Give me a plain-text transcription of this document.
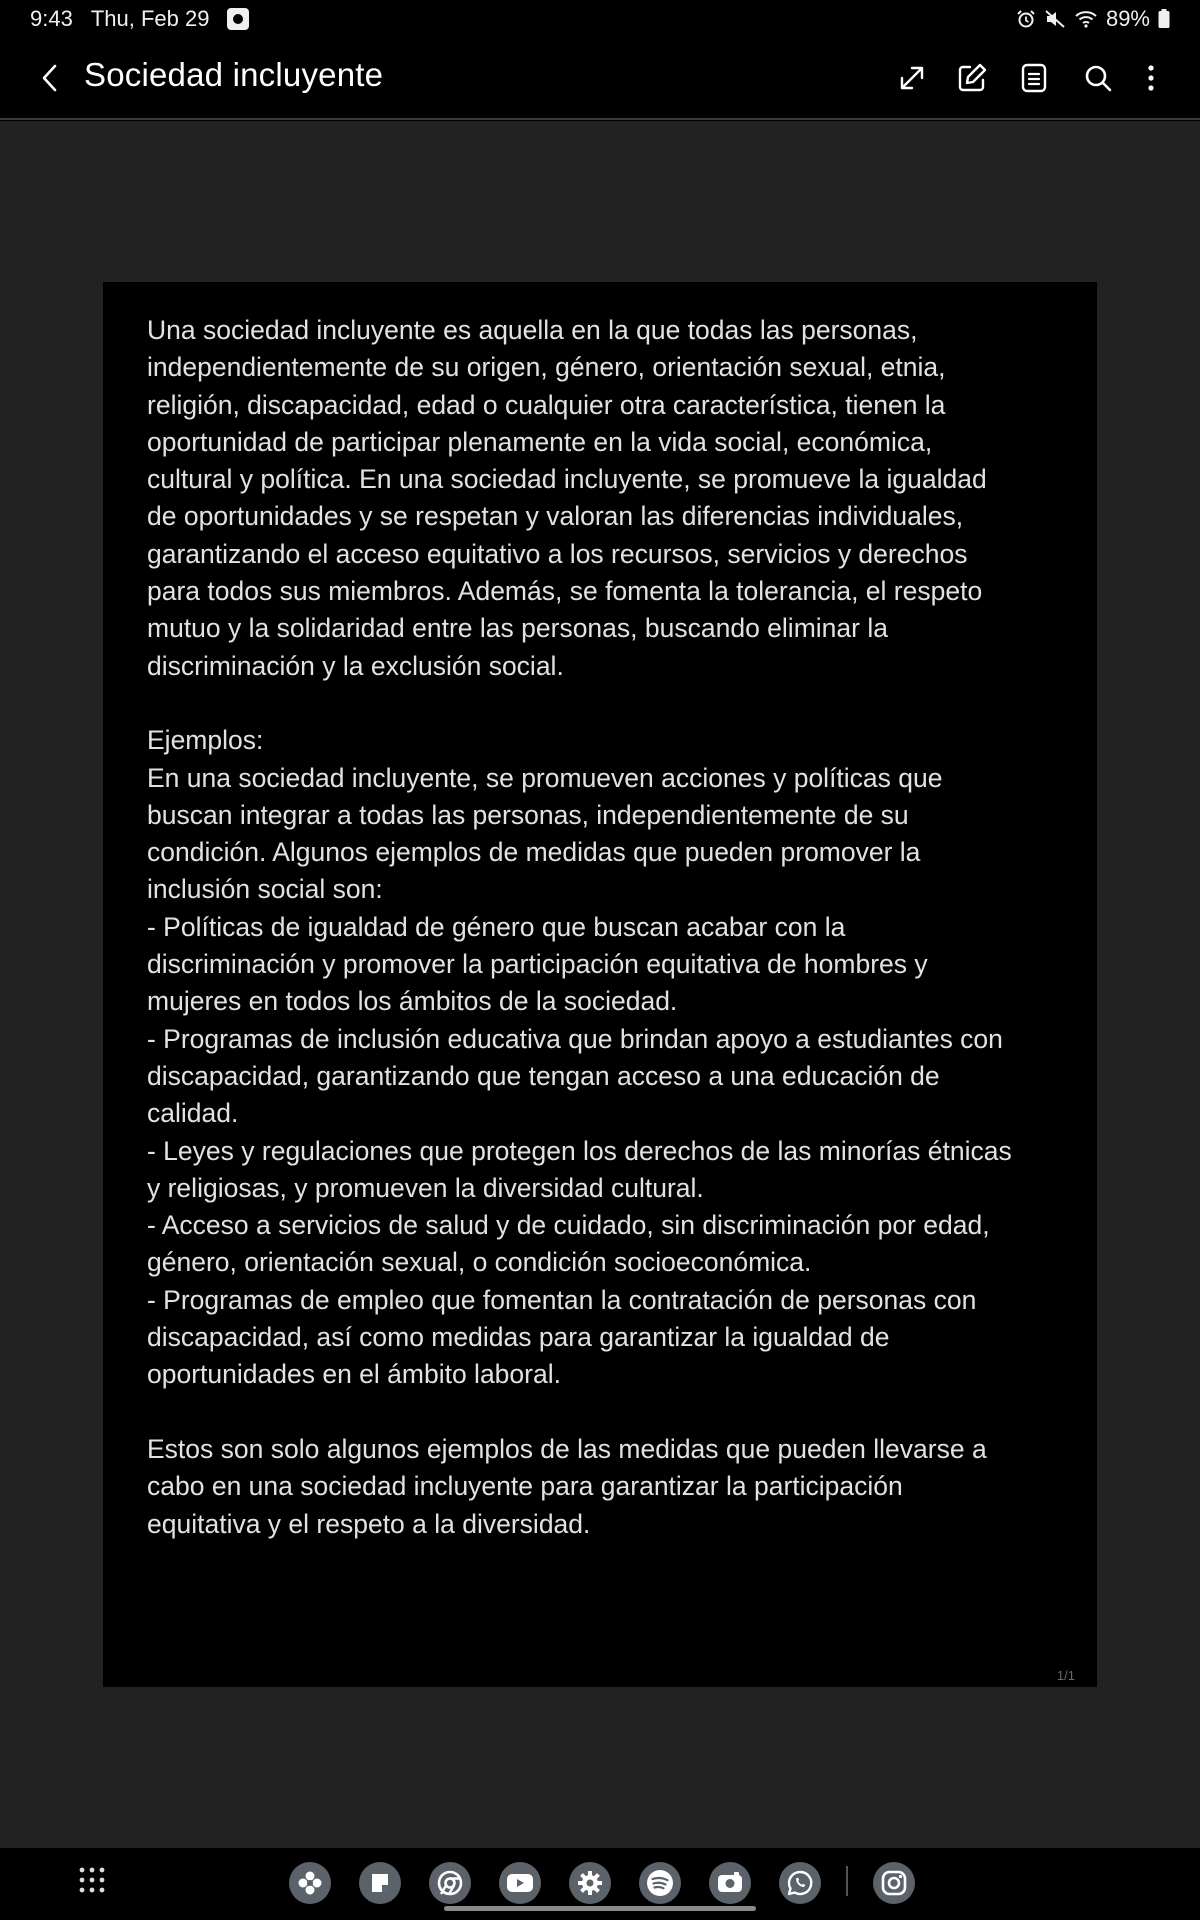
9:43 Thu, Feb 29	89%
Sociedad incluyente
Una sociedad incluyente es aquella en la que todas las personas,
independientemente de su origen, género, orientación sexual, etnia,
religión, discapacidad, edad o cualquier otra característica, tienen la
oportunidad de participar plenamente en la vida social, económica,
cultural y política. En una sociedad incluyente, se promueve la igualdad
de oportunidades y se respetan y valoran las diferencias individuales,
garantizando el acceso equitativo a los recursos, servicios y derechos
para todos sus miembros. Además, se fomenta la tolerancia, el respeto
mutuo y la solidaridad entre las personas, buscando eliminar la
discriminación y la exclusión social.

Ejemplos:
En una sociedad incluyente, se promueven acciones y políticas que
buscan integrar a todas las personas, independientemente de su
condición. Algunos ejemplos de medidas que pueden promover la
inclusión social son:
- Políticas de igualdad de género que buscan acabar con la
discriminación y promover la participación equitativa de hombres y
mujeres en todos los ámbitos de la sociedad.
- Programas de inclusión educativa que brindan apoyo a estudiantes con
discapacidad, garantizando que tengan acceso a una educación de
calidad.
- Leyes y regulaciones que protegen los derechos de las minorías étnicas
y religiosas, y promueven la diversidad cultural.
- Acceso a servicios de salud y de cuidado, sin discriminación por edad,
género, orientación sexual, o condición socioeconómica.
- Programas de empleo que fomentan la contratación de personas con
discapacidad, así como medidas para garantizar la igualdad de
oportunidades en el ámbito laboral.

Estos son solo algunos ejemplos de las medidas que pueden llevarse a
cabo en una sociedad incluyente para garantizar la participación
equitativa y el respeto a la diversidad.
1/1
